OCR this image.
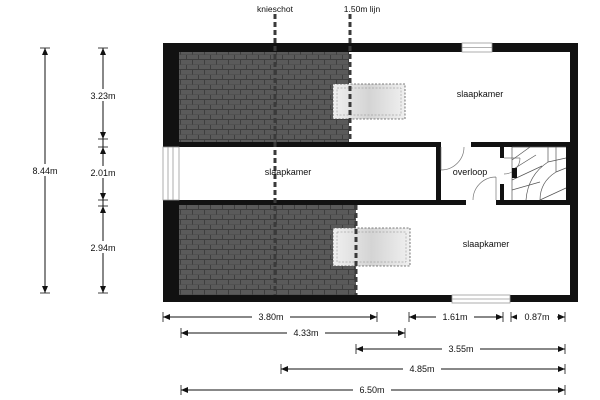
knieschot	1.50m lijn
slaapkamer
slaapkamer	overloop
slaapkamer
8.44m
3.23m
2.01m
2.94m
3.80m	1.61m	0.87m
4.33m
3.55m
4.85m
6.50m
